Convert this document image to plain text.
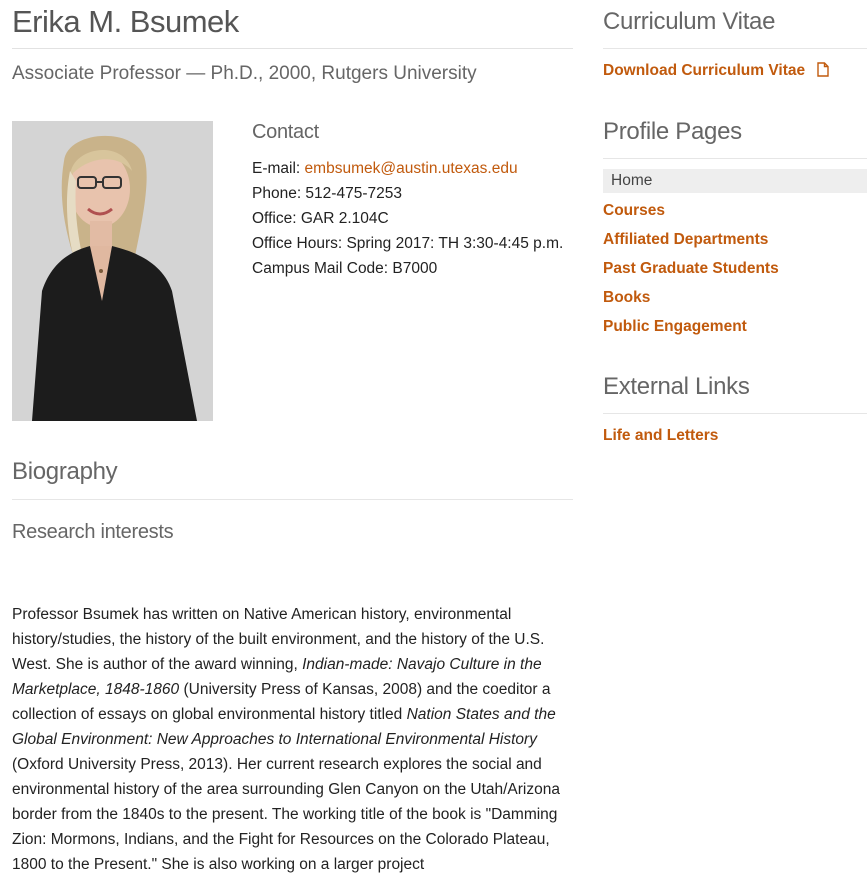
Erika M. Bsumek
Associate Professor — Ph.D., 2000, Rutgers University
Contact
E-mail: embsumek@austin.utexas.edu
Phone: 512-475-7253
Office: GAR 2.104C
Office Hours: Spring 2017: TH 3:30-4:45 p.m.
Campus Mail Code: B7000
Biography
Research interests

Professor Bsumek has written on Native American history, environmental history/studies, the history of the built environment, and the history of the U.S. West. She is author of the award winning, Indian-made: Navajo Culture in the Marketplace, 1848-1860 (University Press of Kansas, 2008) and the coeditor a collection of essays on global environmental history titled Nation States and the Global Environment: New Approaches to International Environmental History (Oxford University Press, 2013). Her current research explores the social and environmental history of the area surrounding Glen Canyon on the Utah/Arizona border from the 1840s to the present. The working title of the book is "Damming Zion: Mormons, Indians, and the Fight for Resources on the Colorado Plateau, 1800 to the Present." She is also working on a larger project

Curriculum Vitae
Download Curriculum Vitae
Profile Pages
Home
Courses
Affiliated Departments
Past Graduate Students
Books
Public Engagement
External Links
Life and Letters
